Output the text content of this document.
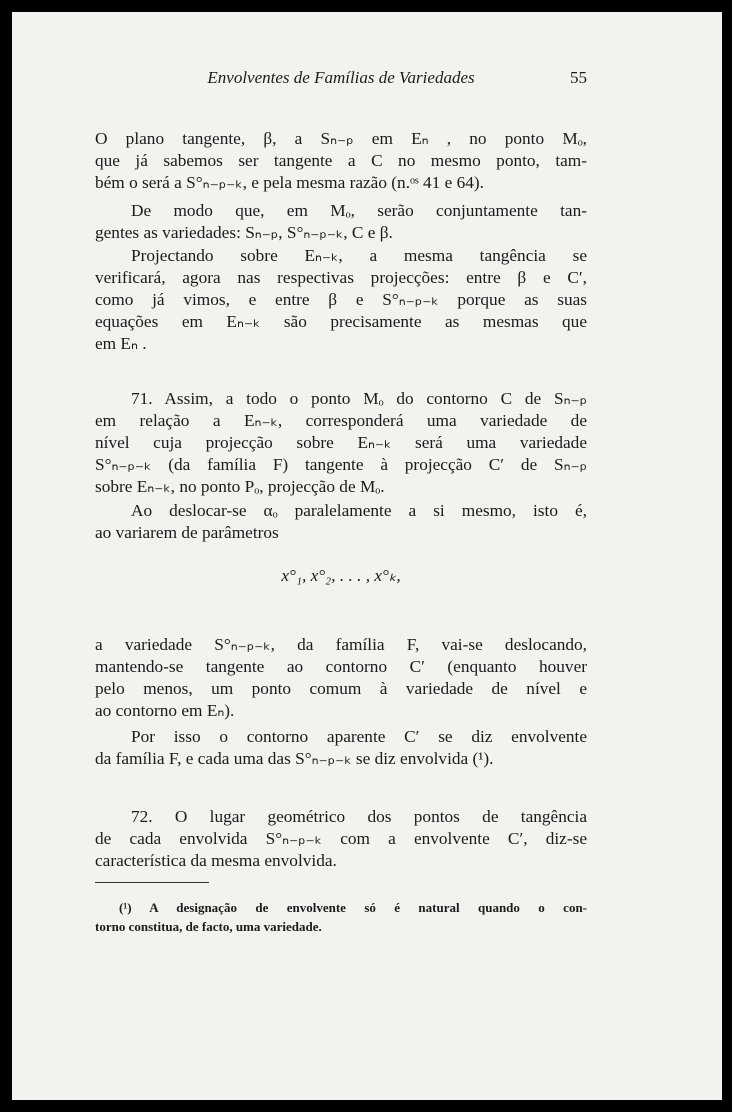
Envolventes de Famílias de Variedades	55
O plano tangente, β, a Sₙ₋ₚ em Eₙ , no ponto Mₒ,
que já sabemos ser tangente a C no mesmo ponto, tam-
bém o será a S°ₙ₋ₚ₋ₖ, e pela mesma razão (n.ᵒˢ 41 e 64).
De modo que, em Mₒ, serão conjuntamente tan-
gentes as variedades: Sₙ₋ₚ, S°ₙ₋ₚ₋ₖ, C e β.
Projectando sobre Eₙ₋ₖ, a mesma tangência se
verificará, agora nas respectivas projecções: entre β e C′,
como já vimos, e entre β e S°ₙ₋ₚ₋ₖ porque as suas
equações em Eₙ₋ₖ são precisamente as mesmas que
em Eₙ .
71. Assim, a todo o ponto Mₒ do contorno C de Sₙ₋ₚ
em relação a Eₙ₋ₖ, corresponderá uma variedade de
nível cuja projecção sobre Eₙ₋ₖ será uma variedade
S°ₙ₋ₚ₋ₖ (da família F) tangente à projecção C′ de Sₙ₋ₚ
sobre Eₙ₋ₖ, no ponto Pₒ, projecção de Mₒ.
Ao deslocar-se αₒ paralelamente a si mesmo, isto é,
ao variarem de parâmetros
x°₁, x°₂, . . . , x°ₖ,
a variedade S°ₙ₋ₚ₋ₖ, da família F, vai-se deslocando,
mantendo-se tangente ao contorno C′ (enquanto houver
pelo menos, um ponto comum à variedade de nível e
ao contorno em Eₙ).
Por isso o contorno aparente C′ se diz envolvente
da família F, e cada uma das S°ₙ₋ₚ₋ₖ se diz envolvida (¹).
72. O lugar geométrico dos pontos de tangência
de cada envolvida S°ₙ₋ₚ₋ₖ com a envolvente C′, diz-se
característica da mesma envolvida.
(¹) A designação de envolvente só é natural quando o con-
torno constitua, de facto, uma variedade.
